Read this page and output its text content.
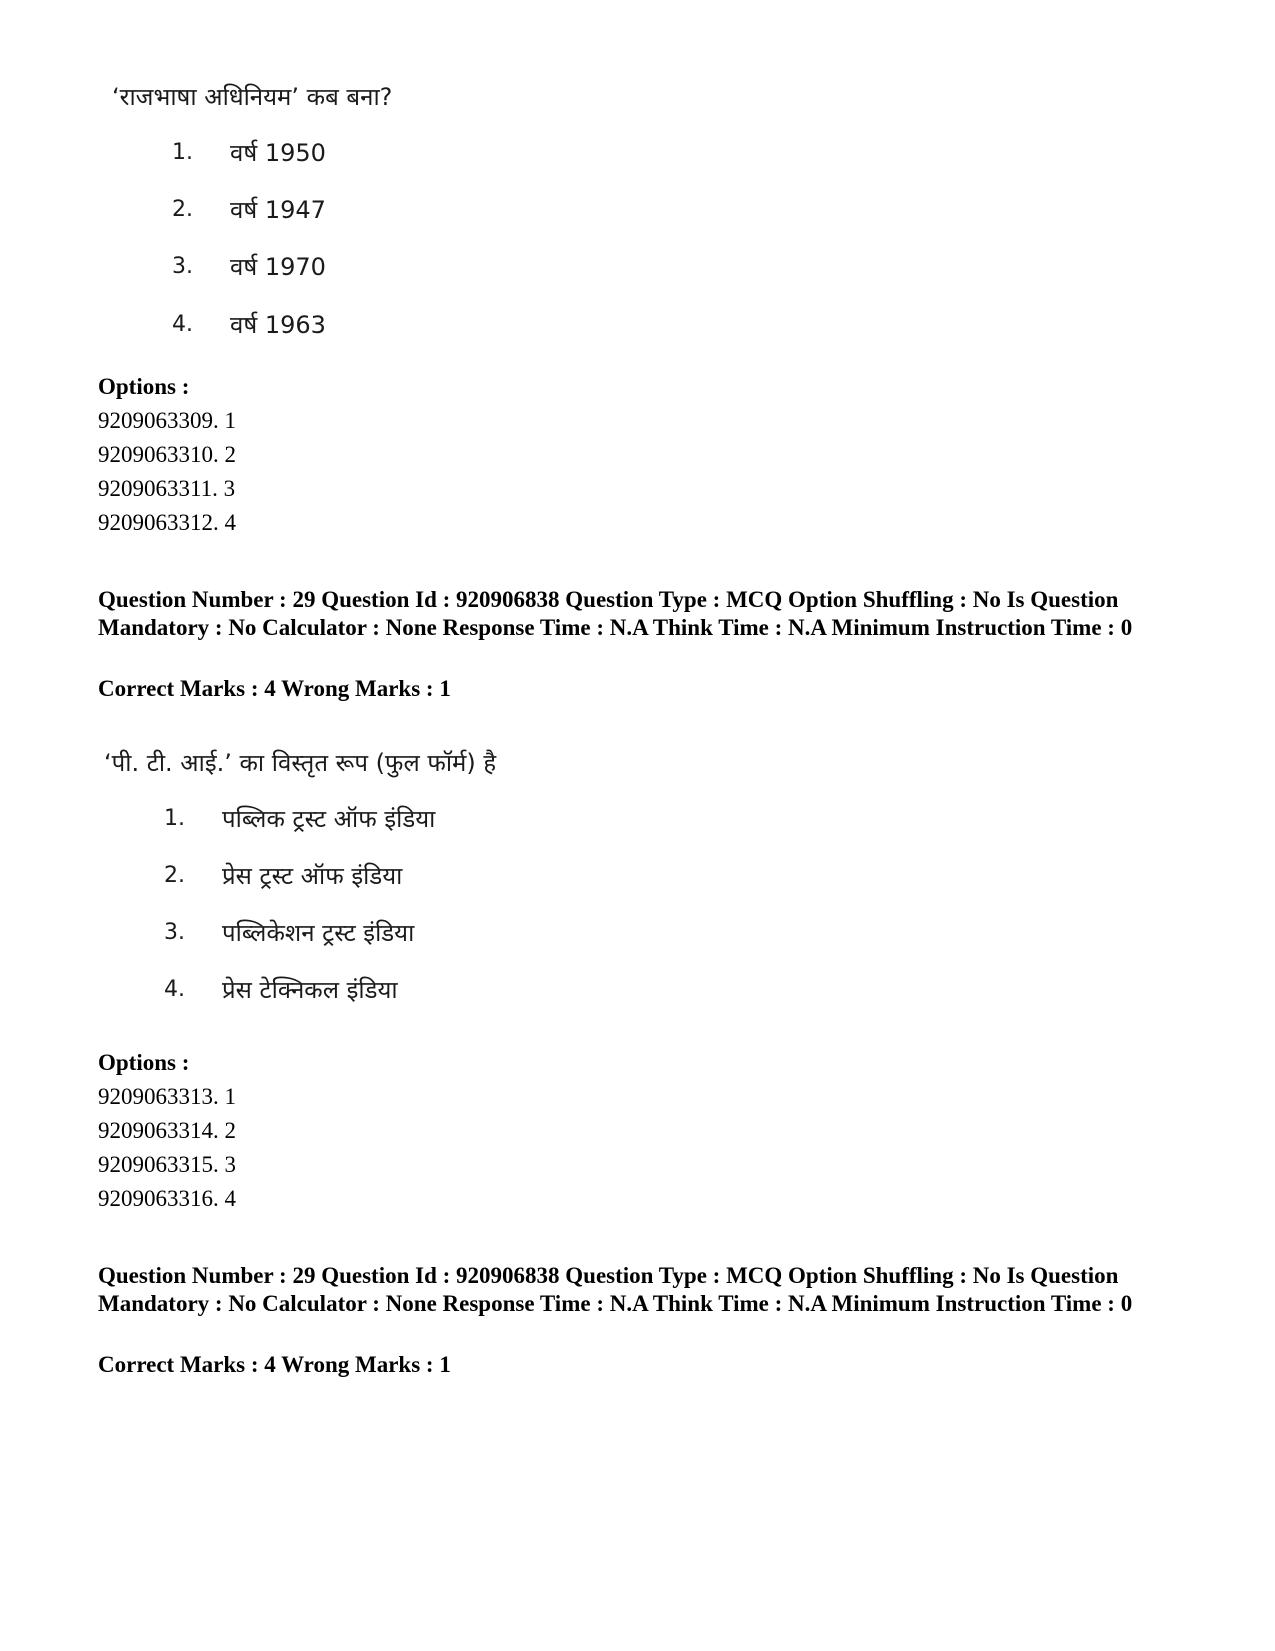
‘राजभाषा अधिनियम’ कब बना?
1. वर्ष 1950
2. वर्ष 1947
3. वर्ष 1970
4. वर्ष 1963
Options :
9209063309. 1
9209063310. 2
9209063311. 3
9209063312. 4
Question Number : 29 Question Id : 920906838 Question Type : MCQ Option Shuffling : No Is Question Mandatory : No Calculator : None Response Time : N.A Think Time : N.A Minimum Instruction Time : 0
Correct Marks : 4 Wrong Marks : 1
‘पी. टी. आई.’ का विस्तृत रूप (फुल फॉर्म) है
1. पब्लिक ट्रस्ट ऑफ इंडिया
2. प्रेस ट्रस्ट ऑफ इंडिया
3. पब्लिकेशन ट्रस्ट इंडिया
4. प्रेस टेक्निकल इंडिया
Options :
9209063313. 1
9209063314. 2
9209063315. 3
9209063316. 4
Question Number : 29 Question Id : 920906838 Question Type : MCQ Option Shuffling : No Is Question Mandatory : No Calculator : None Response Time : N.A Think Time : N.A Minimum Instruction Time : 0
Correct Marks : 4 Wrong Marks : 1
